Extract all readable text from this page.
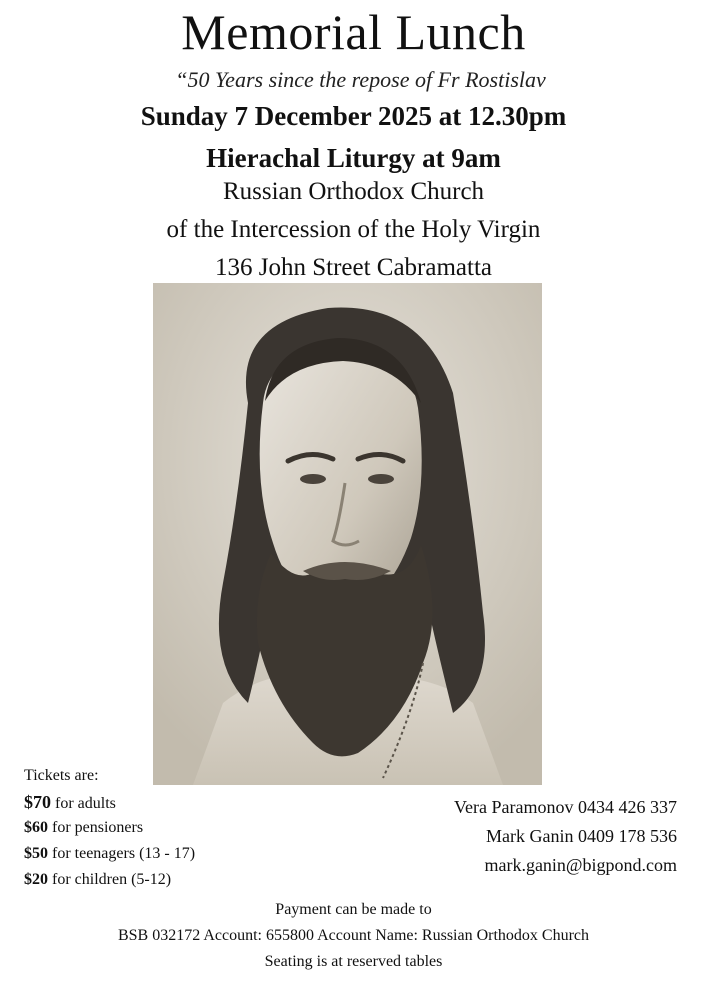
Memorial Lunch
“50 Years since the repose of Fr Rostislav
Sunday 7 December 2025 at 12.30pm
Hierachal Liturgy at 9am
Russian Orthodox Church
of the Intercession of the Holy Virgin
136 John Street Cabramatta
Tickets are:
$70 for adults
$60 for pensioners
$50 for teenagers (13 - 17)
$20 for children (5-12)
Vera Paramonov 0434 426 337
Mark Ganin 0409 178 536
mark.ganin@bigpond.com
Payment can be made to
BSB 032172 Account: 655800 Account Name: Russian Orthodox Church
Seating is at reserved tables
